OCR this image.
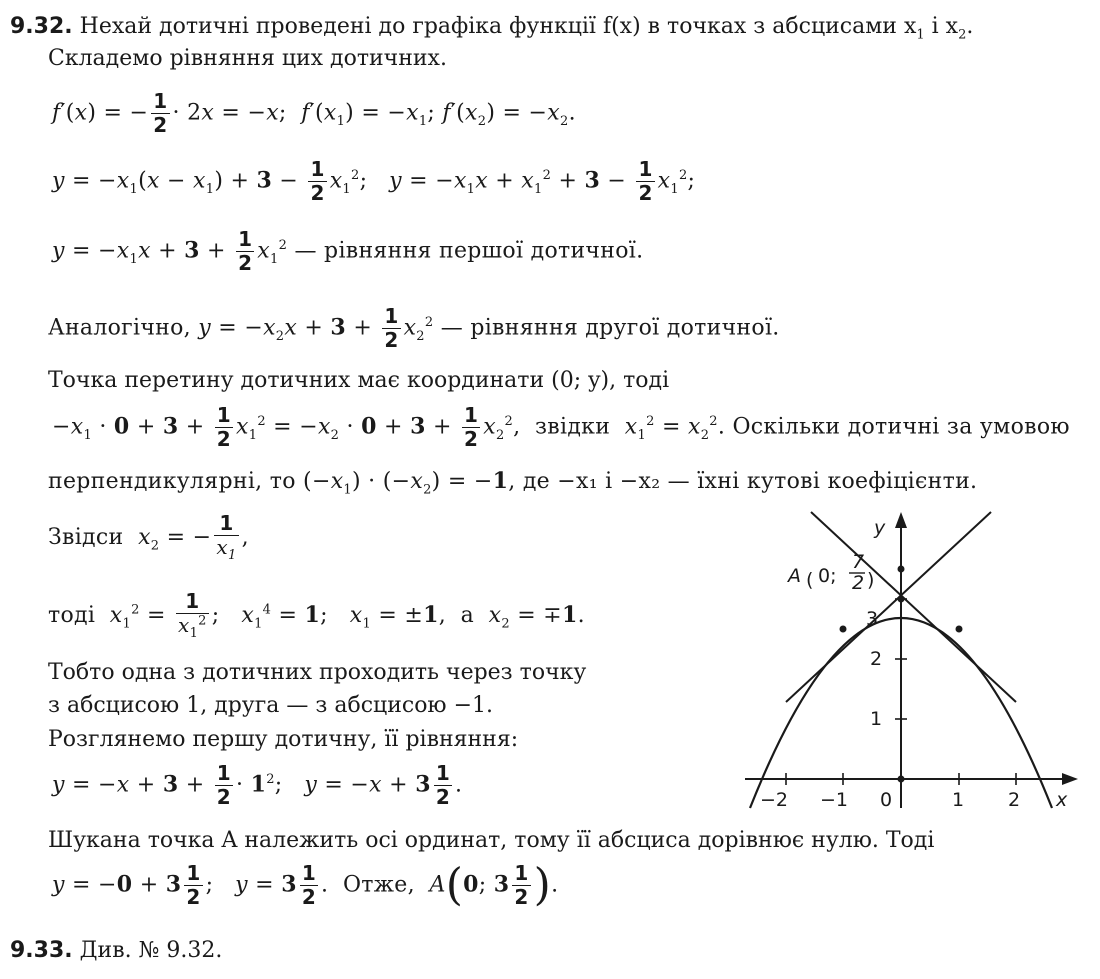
9.32. Нехай дотичні проведені до графіка функції f(x) в точках з абсцисами $x_1$ і $x_2$.
Складемо рівняння цих дотичних.
f′(x) = − $\frac{1}{2} \cdot 2x = -x$;  $f'(x_1) = -x_1$; $f'(x_2) = -x_2$.
$y = -x_1(x - x_1) + 3 - \frac{1}{2} x_1^2$;   $y = -x_1x + x_1^2 + 3 - \frac{1}{2} x_1^2$;
$y = -x_1x + 3 + \frac{1}{2} x_1^2$ — рівняння першої дотичної.
Аналогічно, $y = -x_2x + 3 + \frac{1}{2} x_2^2$ — рівняння другої дотичної.
Точка перетину дотичних має координати (0; y), тоді
$-x_1 \cdot 0 + 3 + \frac{1}{2} x_1^2 = -x_2 \cdot 0 + 3 + \frac{1}{2} x_2^2$,  звідки $x_1^2 = x_2^2$. Оскільки дотичні за умовою
перпендикулярні, то $(-x_1) \cdot (-x_2) = -1$, де −x₁ і −x₂ — їхні кутові коефіцієнти.
Звідси $x_2$ = − $\frac{1}{x_1}$ ,
тоді $x_1^2 = \frac{1}{x_1^2}$ ;   $x_1^4 = 1$;   $x_1 = \pm 1$,  а $x_2 = \mp 1$.
Тобто одна з дотичних проходить через точку
з абсцисою 1, друга — з абсцисою −1.
Розглянемо першу дотичну, її рівняння:
$y = -x + 3 + \frac{1}{2} \cdot 1^2$;   $y = -x + 3 \frac{1}{2}$ .
Шукана точка A належить осі ординат, тому її абсциса дорівнює нулю. Тоді
$y = -0 + 3 \frac{1}{2}$ ;   $y = 3 \frac{1}{2}$ .  Отже, A(0; $3 \frac{1}{2}$ ).
9.33. Див. № 9.32.
y
x
−2 −1 0	1 2
1
2
3
A ( 0;
7
2 )
